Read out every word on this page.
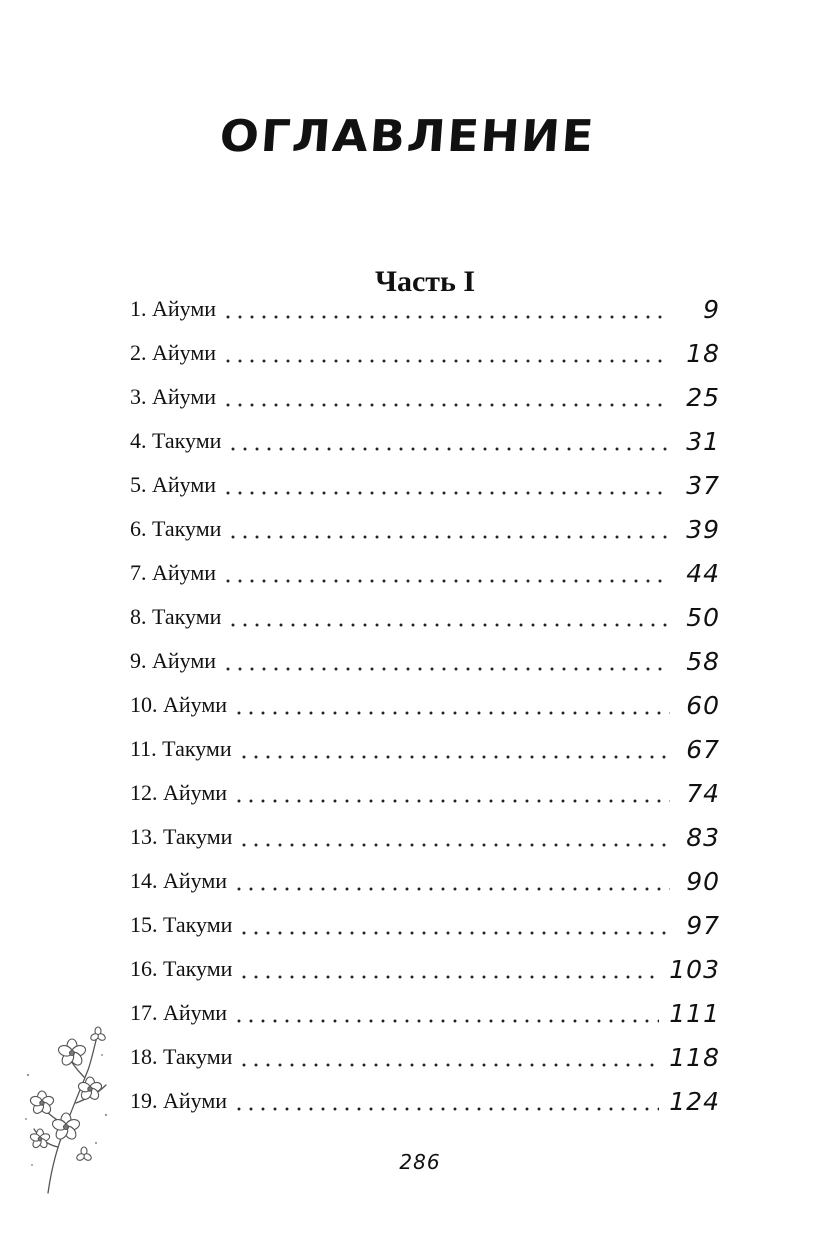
ОГЛАВЛЕНИЕ
Часть I
1. Айуми	9
2. Айуми	18
3. Айуми	25
4. Такуми	31
5. Айуми	37
6. Такуми	39
7. Айуми	44
8. Такуми	50
9. Айуми	58
10. Айуми	60
11. Такуми	67
12. Айуми	74
13. Такуми	83
14. Айуми	90
15. Такуми	97
16. Такуми	103
17. Айуми	111
18. Такуми	118
19. Айуми	124
286
